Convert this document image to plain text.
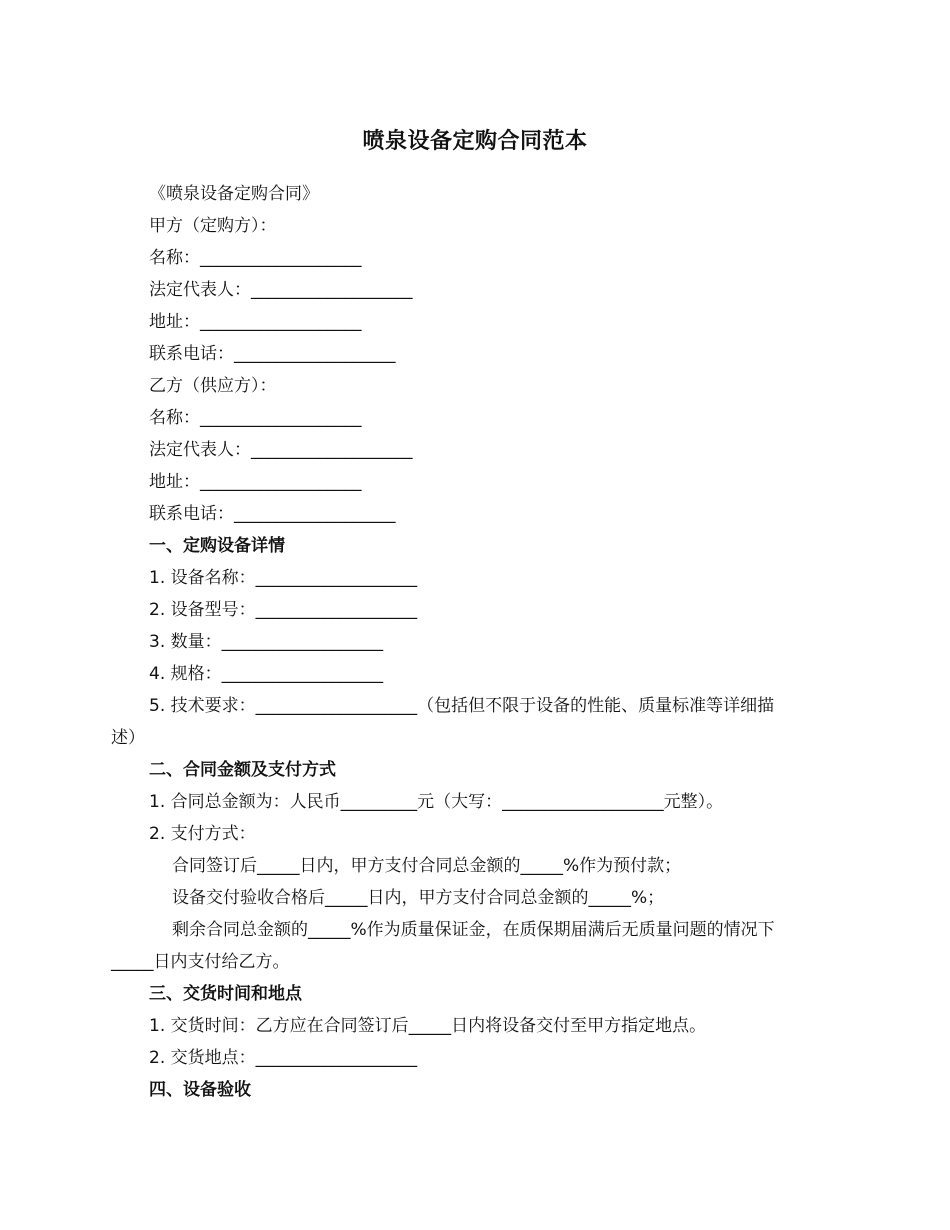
喷泉设备定购合同范本
《喷泉设备定购合同》
甲方（定购方）：
名称：___________________
法定代表人：___________________
地址：___________________
联系电话：___________________
乙方（供应方）：
名称：___________________
法定代表人：___________________
地址：___________________
联系电话：___________________
一、定购设备详情
1. 设备名称：___________________
2. 设备型号：___________________
3. 数量：___________________
4. 规格：___________________
5. 技术要求：___________________（包括但不限于设备的性能、质量标准等详细描
述）
二、合同金额及支付方式
1. 合同总金额为：人民币_________元（大写：___________________元整）。
2. 支付方式：
合同签订后_____日内，甲方支付合同总金额的_____%作为预付款；
设备交付验收合格后_____日内，甲方支付合同总金额的_____%；
剩余合同总金额的_____%作为质量保证金，在质保期届满后无质量问题的情况下
_____日内支付给乙方。
三、交货时间和地点
1. 交货时间：乙方应在合同签订后_____日内将设备交付至甲方指定地点。
2. 交货地点：___________________
四、设备验收
